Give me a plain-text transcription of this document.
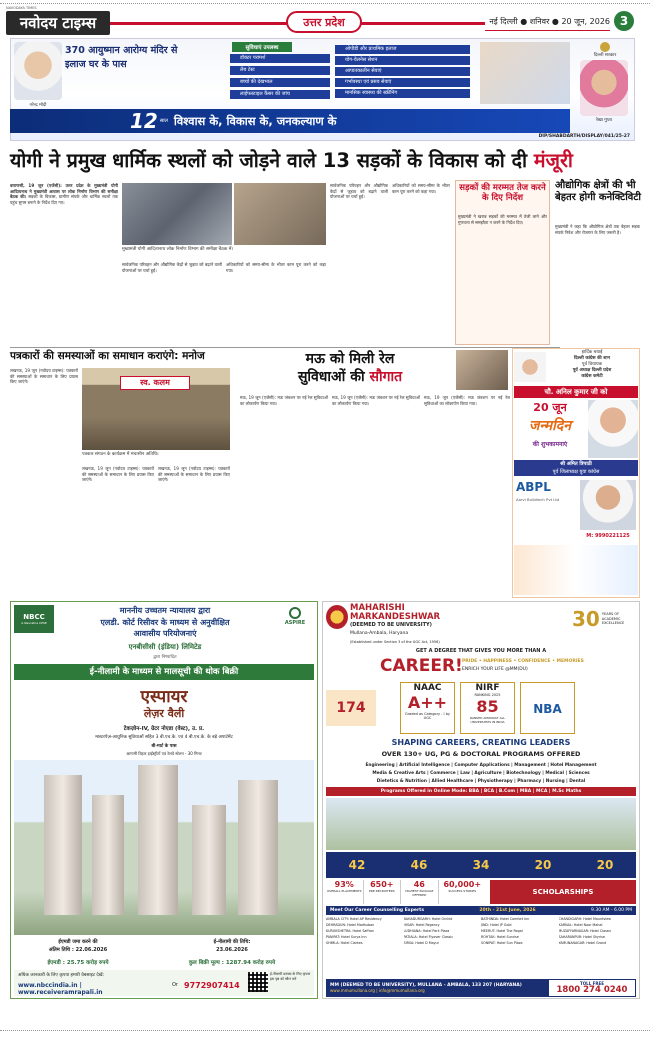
NAVODAYA TIMES
नवोदय टाइम्स	उत्तर प्रदेश	नई दिल्ली ● शनिवर ● 20 जून, 2026 3
नरेन्द्र मोदी
370 आयुष्मान आरोग्य मंदिर से
इलाज घर के पास
सुविधाएं उपलब्ध
डॉक्टर परामर्श
लैब टेस्ट
बच्चों की देखभाल
लाईफस्टाइल कैंसर की जांच
ओपीडी और प्राथमिक इलाज
योग-वेलनेस सेशन
आपातकालीन सेवाएं
गर्भावस्था एवं प्रसव सेवाएं
मानसिक स्वास्थ्य की स्क्रीनिंग
दिल्ली सरकार
रेखा गुप्ता
12 साल विश्वास के, विकास के, जनकल्याण के
DIP/SHABDARTH/DISPLAY/041/25-27
योगी ने प्रमुख धार्मिक स्थलों को जोड़ने वाले 13 सड़कों के विकास को दी मंजूरी
वाराणसी, 19 जून (एजेंसी): उत्तर प्रदेश के मुख्यमंत्री योगी आदित्यनाथ ने मुख्यमंत्री आवास पर लोक निर्माण विभाग की समीक्षा बैठक की। सड़कों के विकास, ग्रामीण संपर्क और धार्मिक स्थलों तक पहुंच सुगम बनाने के निर्देश दिए गए।
मुख्यमंत्री योगी आदित्यनाथ लोक निर्माण विभाग की समीक्षा बैठक में।
सार्वजनिक परिवहन और औद्योगिक केंद्रों से जुड़ाव को बढ़ाने वाली योजनाओं पर चर्चा हुई।
अधिकारियों को समय-सीमा के भीतर काम पूरा करने को कहा गया।
सार्वजनिक परिवहन और औद्योगिक केंद्रों से जुड़ाव को बढ़ाने वाली योजनाओं पर चर्चा हुई।
अधिकारियों को समय-सीमा के भीतर काम पूरा करने को कहा गया।	सड़कों की मरम्मत तेज करने के दिए निर्देश
मुख्यमंत्री ने खराब सड़कों की मरम्मत में तेजी लाने और गुणवत्ता से समझौता न करने के निर्देश दिए।
औद्योगिक क्षेत्रों की भी
बेहतर होगी कनेक्टिविटी
मुख्यमंत्री ने कहा कि औद्योगिक क्षेत्रों तक बेहतर सड़क संपर्क निवेश और रोजगार के लिए जरूरी है।
पत्रकारों की समस्याओं का समाधान कराएंगे: मनोज
लखनऊ, 19 जून (नवोदय टाइम्स): पत्रकारों की समस्याओं के समाधान के लिए प्रयास किए जाएंगे।	स्व. कलम
पत्रकार संगठन के कार्यक्रम में मंचासीन अतिथि।
लखनऊ, 19 जून (नवोदय टाइम्स): पत्रकारों की समस्याओं के समाधान के लिए प्रयास किए जाएंगे।
लखनऊ, 19 जून (नवोदय टाइम्स): पत्रकारों की समस्याओं के समाधान के लिए प्रयास किए जाएंगे।
मऊ को मिली रेल
सुविधाओं की सौगात
मऊ, 19 जून (एजेंसी): मऊ जंक्शन पर नई रेल सुविधाओं का लोकार्पण किया गया।
मऊ, 19 जून (एजेंसी): मऊ जंक्शन पर नई रेल सुविधाओं का लोकार्पण किया गया।
मऊ, 19 जून (एजेंसी): मऊ जंक्शन पर नई रेल सुविधाओं का लोकार्पण किया गया।
हार्दिक बधाई
दिल्ली कांग्रेस की शान
पूर्व विधायक
पूर्व अध्यक्ष दिल्ली प्रदेश
कांग्रेस कमेटी
चौ. अनिल कुमार जी को
20 जून
जन्मदिन
की शुभकामनाएं
श्री अमित त्रिपाठी
पूर्व जिलाध्यक्ष युवा कांग्रेस
ABPL
Aarvi Buildtech Pvt Ltd
M: 9990221125
NBCC
A Navratna CPSE	ASPIRE
माननीय उच्चतम न्यायालय द्वारा
एलडी. कोर्ट रिसीवर के माध्यम से अनुवीक्षित
आवासीय परियोजनाएं
एनबीसीसी (इंडिया) लिमिटेड
द्वारा निष्पादित
ई-नीलामी के माध्यम से मालसूची की थोक बिक्री
एस्पायर
लेज़र वैली
टेकज़ोन-IV, ग्रेटर नोएडा (वेस्ट), उ. प्र.
मास्टरपेज़-आधुनिक सुविधाओं सहित 3 बी.एच.के. एवं 4 बी.एच.के. के बड़े अपार्टमेंट
बी-मार्ट के पास
आगामी विहार हाईस्ट्रीटों एवं रेलवे स्टेशन - 30 मिनट
ईएमडी जमा करने की
अंतिम तिथि : 22.06.2026
ई-नीलामी की तिथि:
23.06.2026
ईएमडी : 25.75 करोड़ रुपये	कुल बिक्री मूल्य : 1287.94 करोड़ रुपये
अधिक जानकारी के लिए कृपया हमारी वेबसाइट देखें:
www.nbccindia.in | www.receiveramrapali.in
Or 9772907414
ई-नीलामी प्रस्ताव के लिए कृपया इस पृष्ठ को स्कैन करें
MAHARISHI
MARKANDESHWAR
(DEEMED TO BE UNIVERSITY)
Mullana-Ambala, Haryana
(Established under Section 3 of the UGC Act, 1956)
30 YEARS OF ACADEMIC EXCELLENCE
GET A DEGREE THAT GIVES YOU MORE THAN A
CAREER! PRIDE • HAPPINESS • CONFIDENCE • MEMORIES
ENRICH YOUR LIFE @MM(DU)
NAAC
A++
Graded as Category - I by UGC
NIRF
RANKING 2025
85
RANKED AMONGST ALL UNIVERSITIES IN INDIA
NBA
174
SHAPING CAREERS, CREATING LEADERS
OVER 130+ UG, PG & DOCTORAL PROGRAMS OFFERED
Engineering | Artificial Intelligence | Computer Applications | Management | Hotel Management
Media & Creative Arts | Commerce | Law | Agriculture | Biotechnology | Medical | Sciences
Dietetics & Nutrition | Allied Healthcare | Physiotherapy | Pharmacy | Nursing | Dental
Programs Offered in Online Mode: BBA | BCA | B.Com | MBA | MCA | M.Sc Maths
42	46	34	20	20
93%
OVERALL PLACEMENTS
650+
PRE RECRUITERS
46
HIGHEST PACKAGE OFFERED
60,000+
SUCCESS STORIES	SCHOLARSHIPS
Meet Our Career Counselling Experts	20th - 21st June, 2026	9.30 AM - 6.00 PM
AMBALA CITY: Hotel AP Residency	BAHADURGARH: Hotel Orchid	BATHINDA: Hotel Comfort Inn	CHANDIGARH: Hotel Mountview
DEHRADUN: Hotel Madhuban	HISAR: Hotel Regency	JIND: Hotel JP Gold	KARNAL: Hotel Noor Mahal
KURUKSHETRA: Hotel Saffron	LUDHIANA: Hotel Park Plaza	MEERUT: Hotel The Regal	MUZAFFARNAGAR: Hotel Classic
PANIPAT: Hotel Surya Inn	PATIALA: Hotel Flyover Classic	ROHTAK: Hotel Sunrise	SAHARANPUR: Hotel Skyrise
SHIMLA: Hotel Clarkes	SIRSA: Hotel D Mayur	SONIPAT: Hotel Sun Plaza	YAMUNANAGAR: Hotel Grand
MM (DEEMED TO BE UNIVERSITY), MULLANA - AMBALA, 133 207 (HARYANA)
www.mmumullana.org | info@mmumullana.org
TOLL FREE
1800 274 0240
